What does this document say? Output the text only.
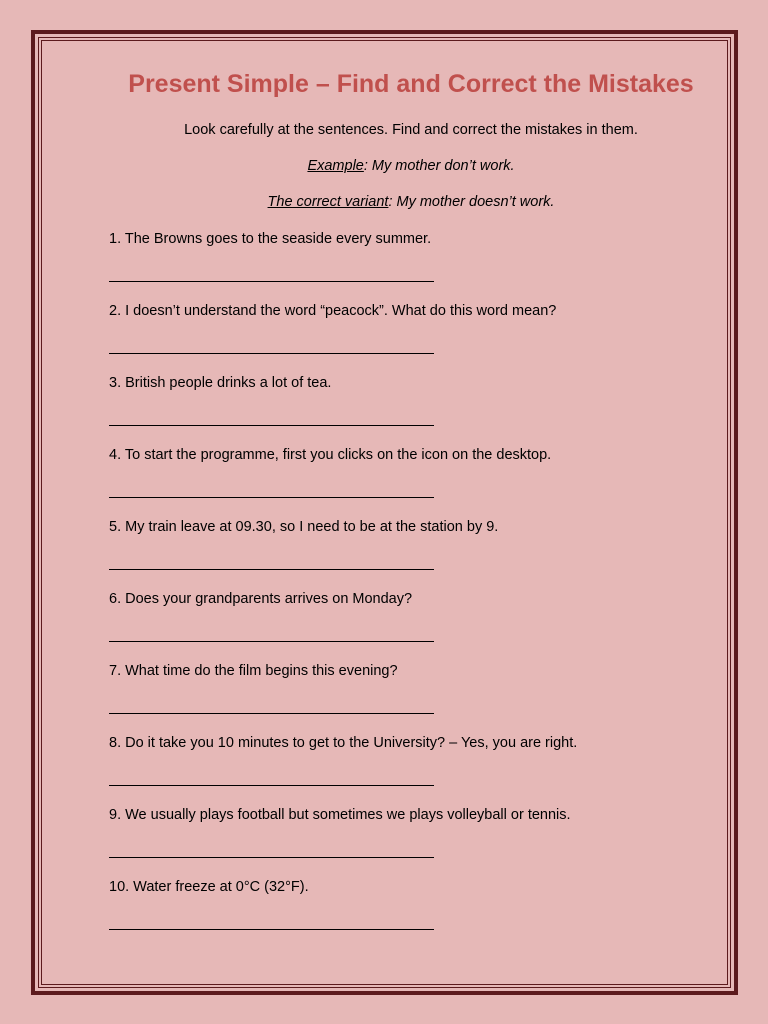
Present Simple – Find and Correct the Mistakes

Look carefully at the sentences. Find and correct the mistakes in them.

Example: My mother don’t work.

The correct variant: My mother doesn’t work.

1. The Browns goes to the seaside every summer.

2. I doesn’t understand the word “peacock”. What do this word mean?

3. British people drinks a lot of tea.

4. To start the programme, first you clicks on the icon on the desktop.

5. My train leave at 09.30, so I need to be at the station by 9.

6. Does your grandparents arrives on Monday?

7. What time do the film begins this evening?

8. Do it take you 10 minutes to get to the University? – Yes, you are right.

9. We usually plays football but sometimes we plays volleyball or tennis.

10. Water freeze at 0°C (32°F).
